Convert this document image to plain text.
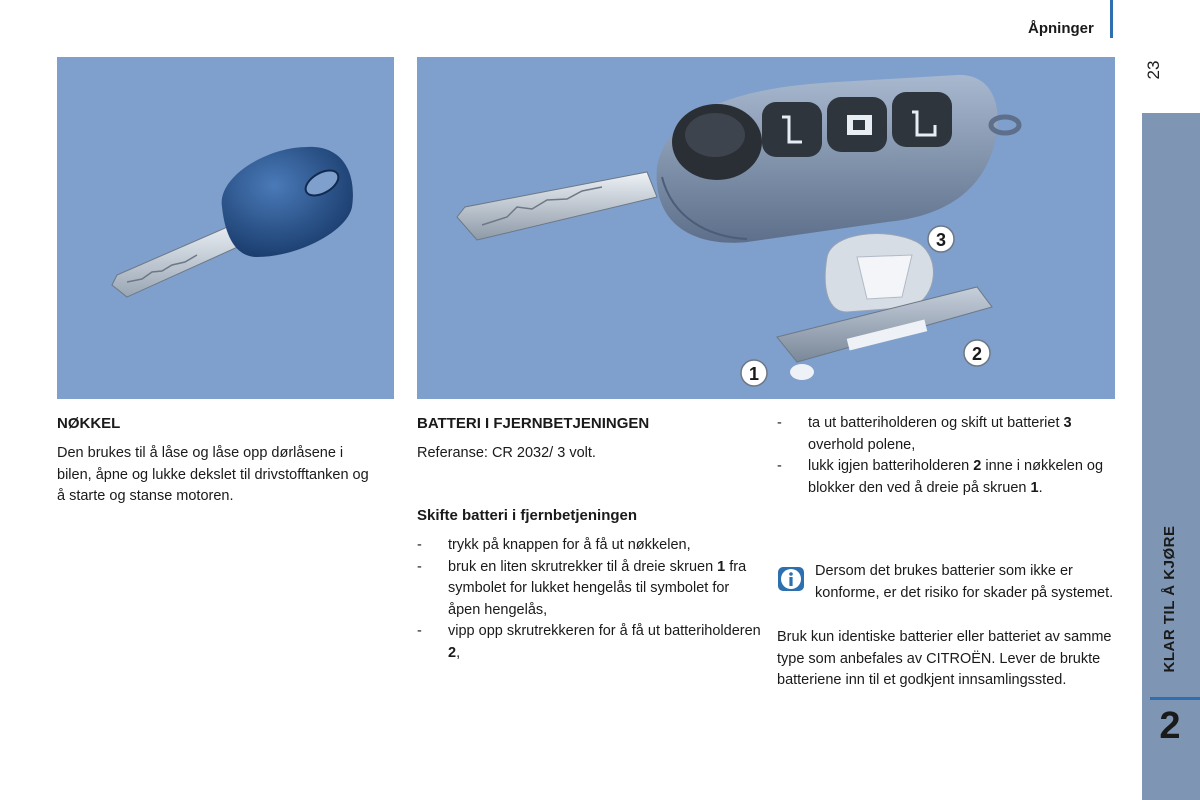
Åpninger
23
KLAR TIL Å KJØRE
2
1
2
3
NØKKEL
Den brukes til å låse og låse opp dørlåsene i bilen, åpne og lukke dekslet til drivstofftanken og å starte og stanse motoren.
BATTERI I FJERNBETJENINGEN
Referanse: CR 2032/ 3 volt.
Skifte batteri i fjernbetjeningen
- trykk på knappen for å få ut nøkkelen,
- bruk en liten skrutrekker til å dreie skruen 1 fra symbolet for lukket hengelås til symbolet for åpen hengelås,
- vipp opp skrutrekkeren for å få ut batteriholderen 2,
- ta ut batteriholderen og skift ut batteriet 3 overhold polene,
- lukk igjen batteriholderen 2 inne i nøkkelen og blokker den ved å dreie på skruen 1.
Dersom det brukes batterier som ikke er konforme, er det risiko for skader på systemet.
Bruk kun identiske batterier eller batteriet av samme type som anbefales av CITROËN. Lever de brukte batteriene inn til et godkjent innsamlingssted.
